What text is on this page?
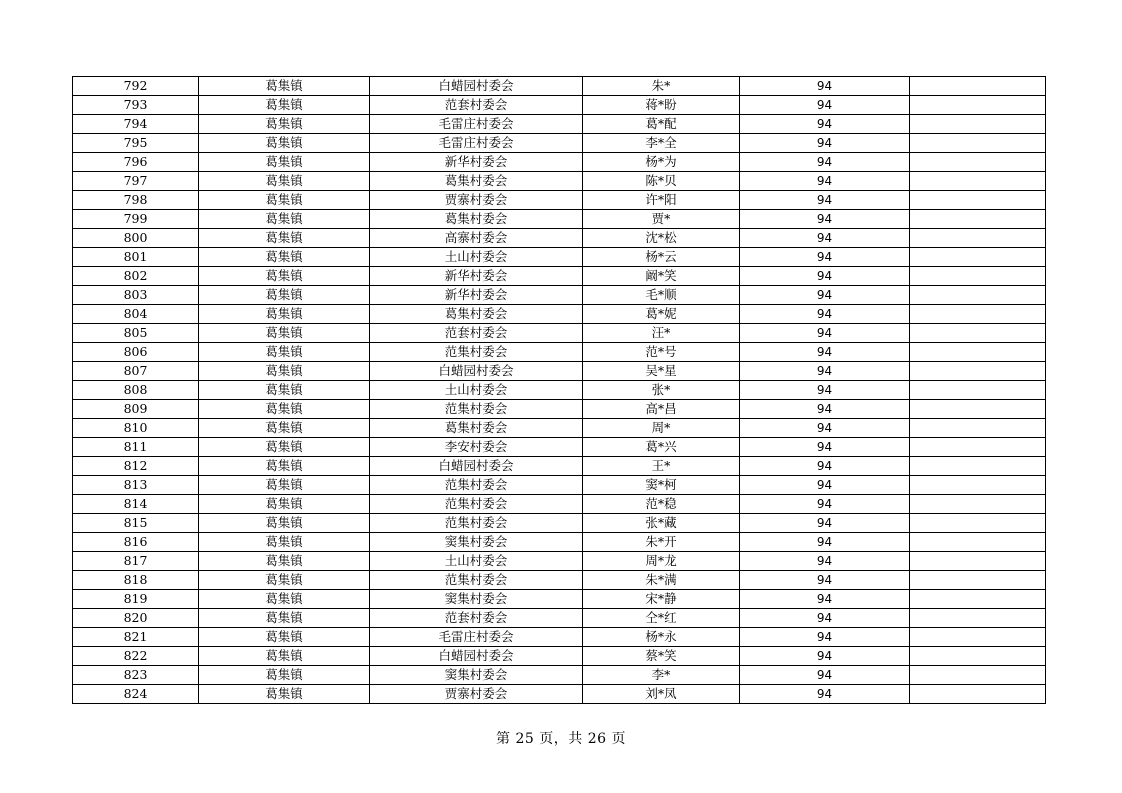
792	葛集镇	白蜡园村委会	朱*	94	
793	葛集镇	范套村委会	蒋*盼	94	
794	葛集镇	毛雷庄村委会	葛*配	94	
795	葛集镇	毛雷庄村委会	李*全	94	
796	葛集镇	新华村委会	杨*为	94	
797	葛集镇	葛集村委会	陈*贝	94	
798	葛集镇	贾寨村委会	许*阳	94	
799	葛集镇	葛集村委会	贾*	94	
800	葛集镇	高寨村委会	沈*松	94	
801	葛集镇	土山村委会	杨*云	94	
802	葛集镇	新华村委会	阚*笑	94	
803	葛集镇	新华村委会	毛*顺	94	
804	葛集镇	葛集村委会	葛*妮	94	
805	葛集镇	范套村委会	汪*	94	
806	葛集镇	范集村委会	范*号	94	
807	葛集镇	白蜡园村委会	吴*星	94	
808	葛集镇	土山村委会	张*	94	
809	葛集镇	范集村委会	高*昌	94	
810	葛集镇	葛集村委会	周*	94	
811	葛集镇	李安村委会	葛*兴	94	
812	葛集镇	白蜡园村委会	王*	94	
813	葛集镇	范集村委会	窦*柯	94	
814	葛集镇	范集村委会	范*稳	94	
815	葛集镇	范集村委会	张*藏	94	
816	葛集镇	窦集村委会	朱*开	94	
817	葛集镇	土山村委会	周*龙	94	
818	葛集镇	范集村委会	朱*满	94	
819	葛集镇	窦集村委会	宋*静	94	
820	葛集镇	范套村委会	仝*红	94	
821	葛集镇	毛雷庄村委会	杨*永	94	
822	葛集镇	白蜡园村委会	蔡*笑	94	
823	葛集镇	窦集村委会	李*	94	
824	葛集镇	贾寨村委会	刘*凤	94	
第 25 页，共 26 页
